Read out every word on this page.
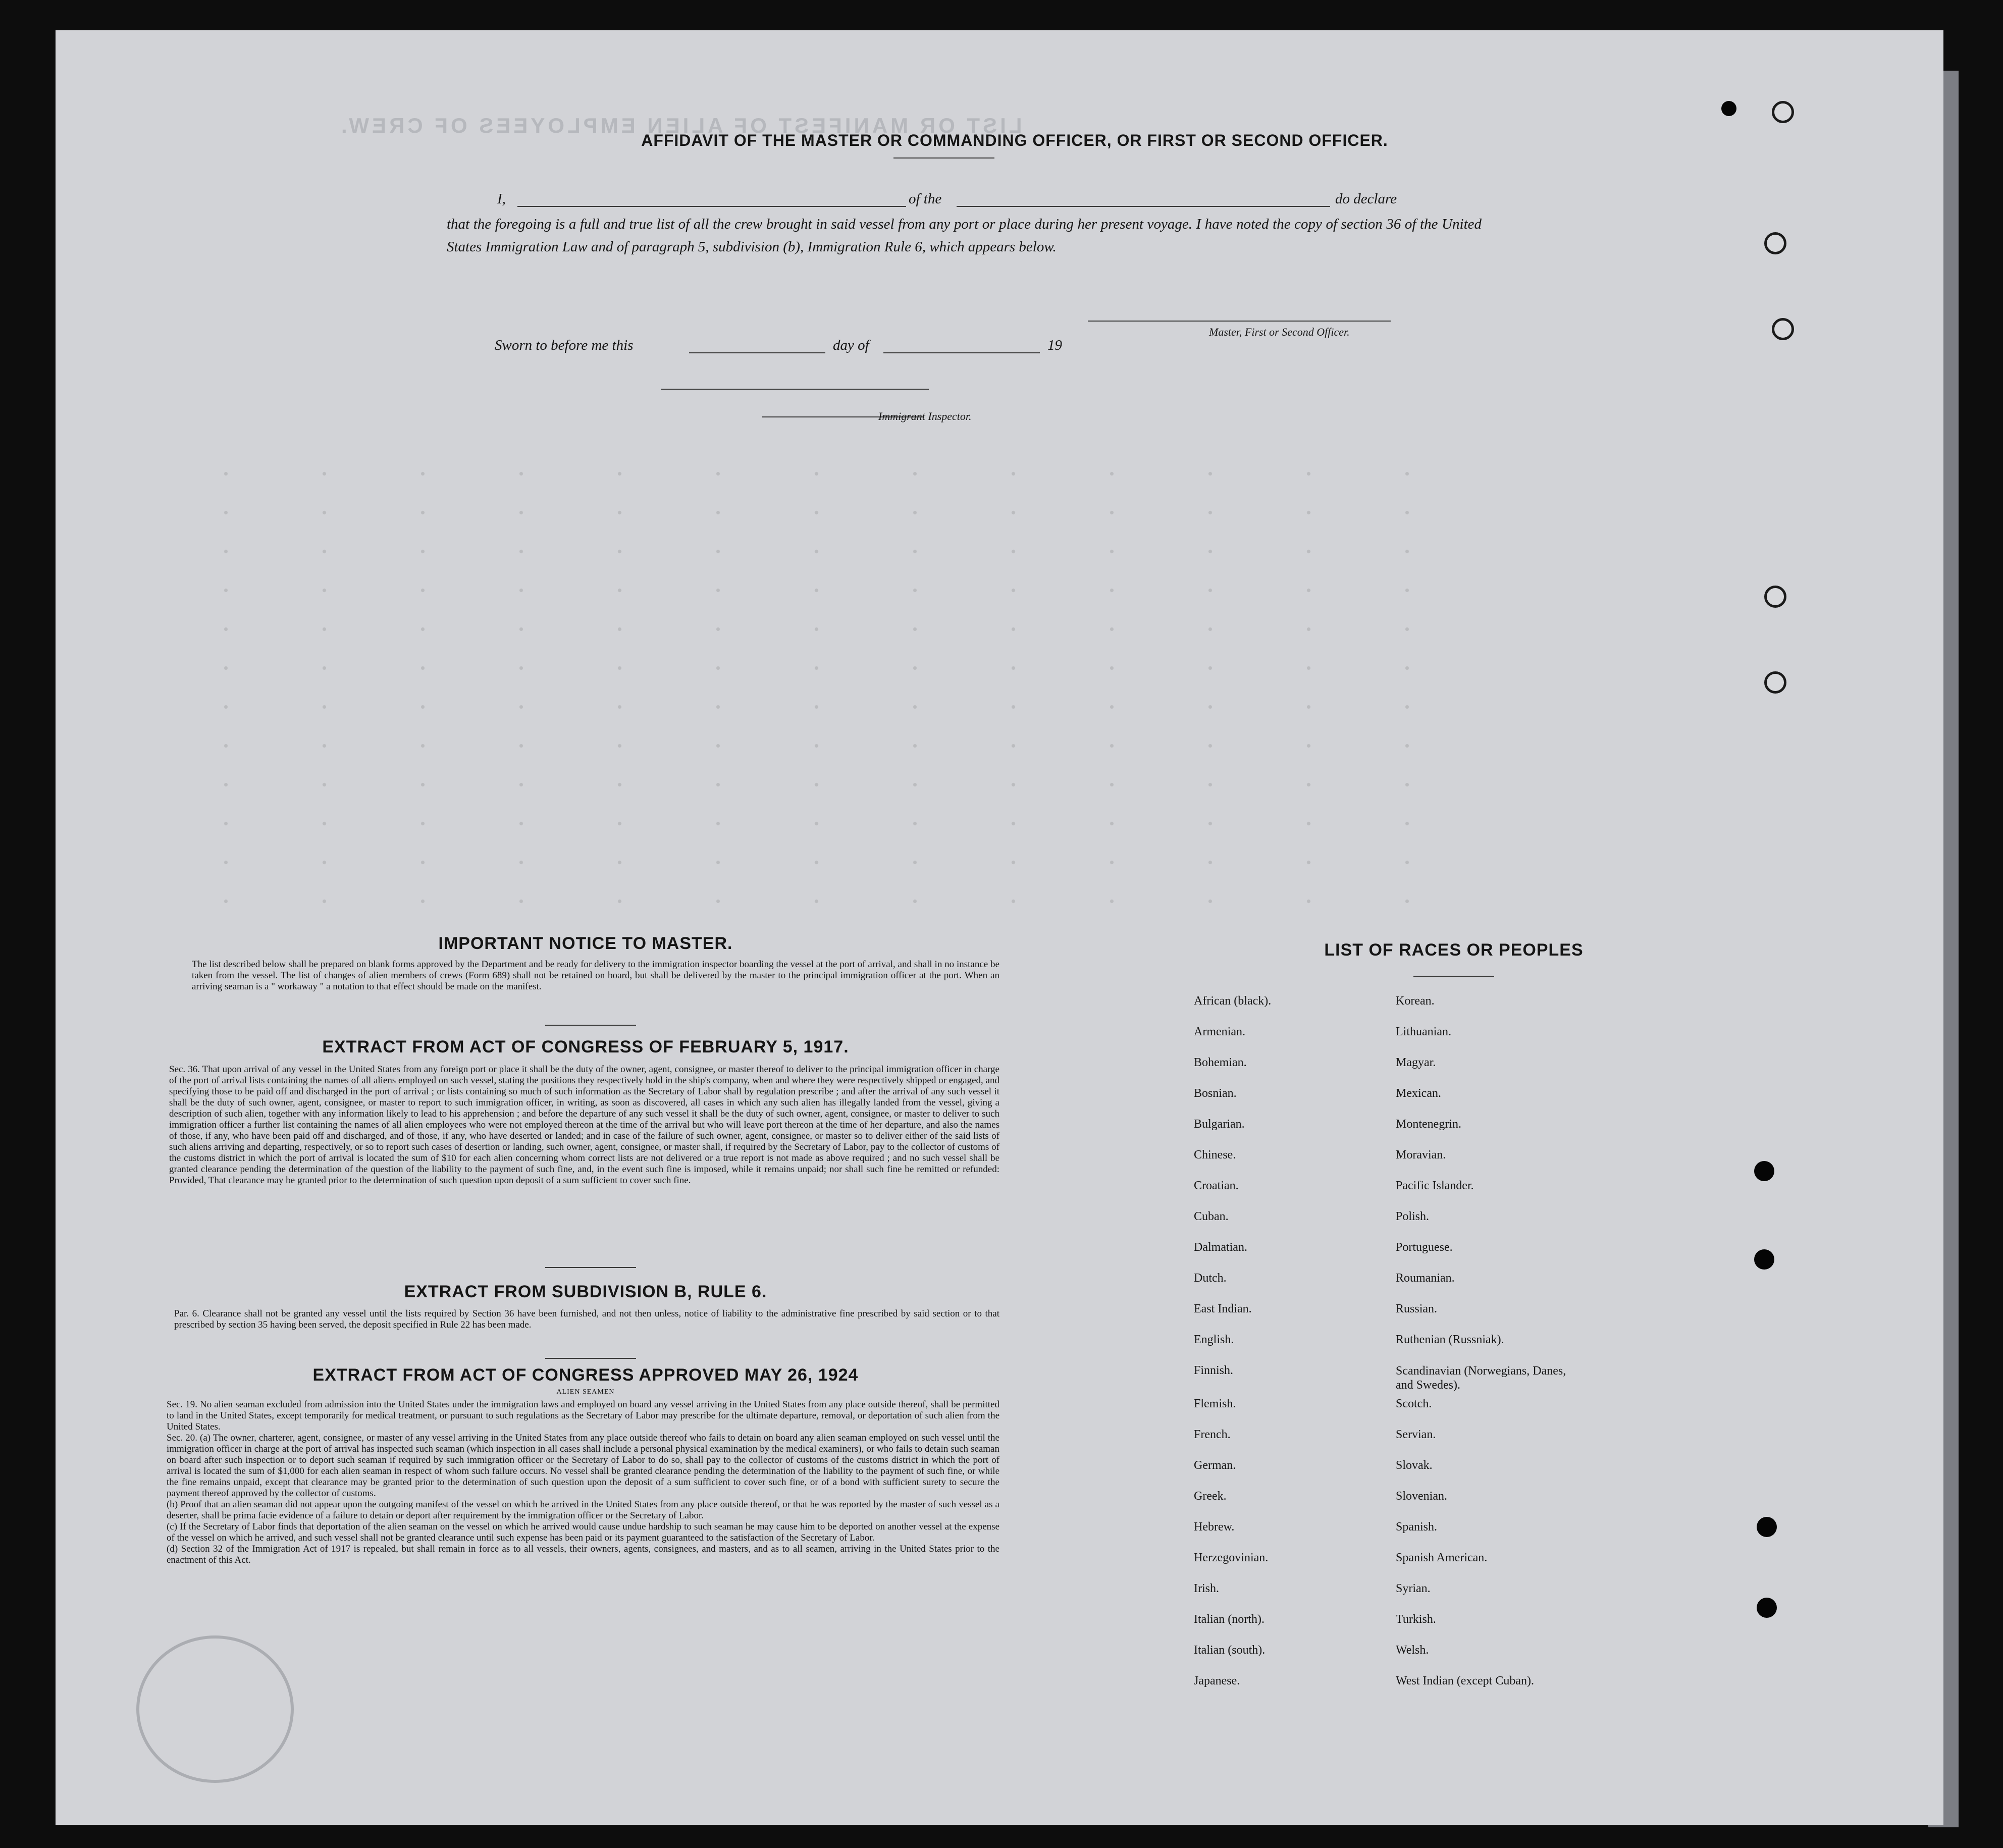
LIST OR MANIFEST OF ALIEN EMPLOYEES OF CREW.
AFFIDAVIT OF THE MASTER OR COMMANDING OFFICER, OR FIRST OR SECOND OFFICER.
I,	of the	do declare
that the foregoing is a full and true list of all the crew brought in said vessel from any port or place during her present voyage. I have noted the copy of section 36 of the United States Immigration Law and of paragraph 5, subdivision (b), Immigration Rule 6, which appears below.
Master, First or Second Officer.
Sworn to before me this	day of	19
Immigrant Inspector.
IMPORTANT NOTICE TO MASTER.
The list described below shall be prepared on blank forms approved by the Department and be ready for delivery to the immigration inspector boarding the vessel at the port of arrival, and shall in no instance be taken from the vessel. The list of changes of alien members of crews (Form 689) shall not be retained on board, but shall be delivered by the master to the principal immigration officer at the port. When an arriving seaman is a " workaway " a notation to that effect should be made on the manifest.
EXTRACT FROM ACT OF CONGRESS OF FEBRUARY 5, 1917.
Sec. 36. That upon arrival of any vessel in the United States from any foreign port or place it shall be the duty of the owner, agent, consignee, or master thereof to deliver to the principal immigration officer in charge of the port of arrival lists containing the names of all aliens employed on such vessel, stating the positions they respectively hold in the ship's company, when and where they were respectively shipped or engaged, and specifying those to be paid off and discharged in the port of arrival ; or lists containing so much of such information as the Secretary of Labor shall by regulation prescribe ; and after the arrival of any such vessel it shall be the duty of such owner, agent, consignee, or master to report to such immigration officer, in writing, as soon as discovered, all cases in which any such alien has illegally landed from the vessel, giving a description of such alien, together with any information likely to lead to his apprehension ; and before the departure of any such vessel it shall be the duty of such owner, agent, consignee, or master to deliver to such immigration officer a further list containing the names of all alien employees who were not employed thereon at the time of the arrival but who will leave port thereon at the time of her departure, and also the names of those, if any, who have been paid off and discharged, and of those, if any, who have deserted or landed; and in case of the failure of such owner, agent, consignee, or master so to deliver either of the said lists of such aliens arriving and departing, respectively, or so to report such cases of desertion or landing, such owner, agent, consignee, or master shall, if required by the Secretary of Labor, pay to the collector of customs of the customs district in which the port of arrival is located the sum of $10 for each alien concerning whom correct lists are not delivered or a true report is not made as above required ; and no such vessel shall be granted clearance pending the determination of the question of the liability to the payment of such fine, and, in the event such fine is imposed, while it remains unpaid; nor shall such fine be remitted or refunded: Provided, That clearance may be granted prior to the determination of such question upon deposit of a sum sufficient to cover such fine.
EXTRACT FROM SUBDIVISION B, RULE 6.
Par. 6. Clearance shall not be granted any vessel until the lists required by Section 36 have been furnished, and not then unless, notice of liability to the administrative fine prescribed by said section or to that prescribed by section 35 having been served, the deposit specified in Rule 22 has been made.
EXTRACT FROM ACT OF CONGRESS APPROVED MAY 26, 1924
ALIEN SEAMEN
Sec. 19. No alien seaman excluded from admission into the United States under the immigration laws and employed on board any vessel arriving in the United States from any place outside thereof, shall be permitted to land in the United States, except temporarily for medical treatment, or pursuant to such regulations as the Secretary of Labor may prescribe for the ultimate departure, removal, or deportation of such alien from the United States.
Sec. 20. (a) The owner, charterer, agent, consignee, or master of any vessel arriving in the United States from any place outside thereof who fails to detain on board any alien seaman employed on such vessel until the immigration officer in charge at the port of arrival has inspected such seaman (which inspection in all cases shall include a personal physical examination by the medical examiners), or who fails to detain such seaman on board after such inspection or to deport such seaman if required by such immigration officer or the Secretary of Labor to do so, shall pay to the collector of customs of the customs district in which the port of arrival is located the sum of $1,000 for each alien seaman in respect of whom such failure occurs. No vessel shall be granted clearance pending the determination of the liability to the payment of such fine, or while the fine remains unpaid, except that clearance may be granted prior to the determination of such question upon the deposit of a sum sufficient to cover such fine, or of a bond with sufficient surety to secure the payment thereof approved by the collector of customs.
(b) Proof that an alien seaman did not appear upon the outgoing manifest of the vessel on which he arrived in the United States from any place outside thereof, or that he was reported by the master of such vessel as a deserter, shall be prima facie evidence of a failure to detain or deport after requirement by the immigration officer or the Secretary of Labor.
(c) If the Secretary of Labor finds that deportation of the alien seaman on the vessel on which he arrived would cause undue hardship to such seaman he may cause him to be deported on another vessel at the expense of the vessel on which he arrived, and such vessel shall not be granted clearance until such expense has been paid or its payment guaranteed to the satisfaction of the Secretary of Labor.
(d) Section 32 of the Immigration Act of 1917 is repealed, but shall remain in force as to all vessels, their owners, agents, consignees, and masters, and as to all seamen, arriving in the United States prior to the enactment of this Act.
LIST OF RACES OR PEOPLES
African (black).
Armenian.
Bohemian.
Bosnian.
Bulgarian.
Chinese.
Croatian.
Cuban.
Dalmatian.
Dutch.
East Indian.
English.
Finnish.
Flemish.
French.
German.
Greek.
Hebrew.
Herzegovinian.
Irish.
Italian (north).
Italian (south).
Japanese.
Korean.
Lithuanian.
Magyar.
Mexican.
Montenegrin.
Moravian.
Pacific Islander.
Polish.
Portuguese.
Roumanian.
Russian.
Ruthenian (Russniak).
Scandinavian (Norwegians, Danes, and Swedes).
Scotch.
Servian.
Slovak.
Slovenian.
Spanish.
Spanish American.
Syrian.
Turkish.
Welsh.
West Indian (except Cuban).
